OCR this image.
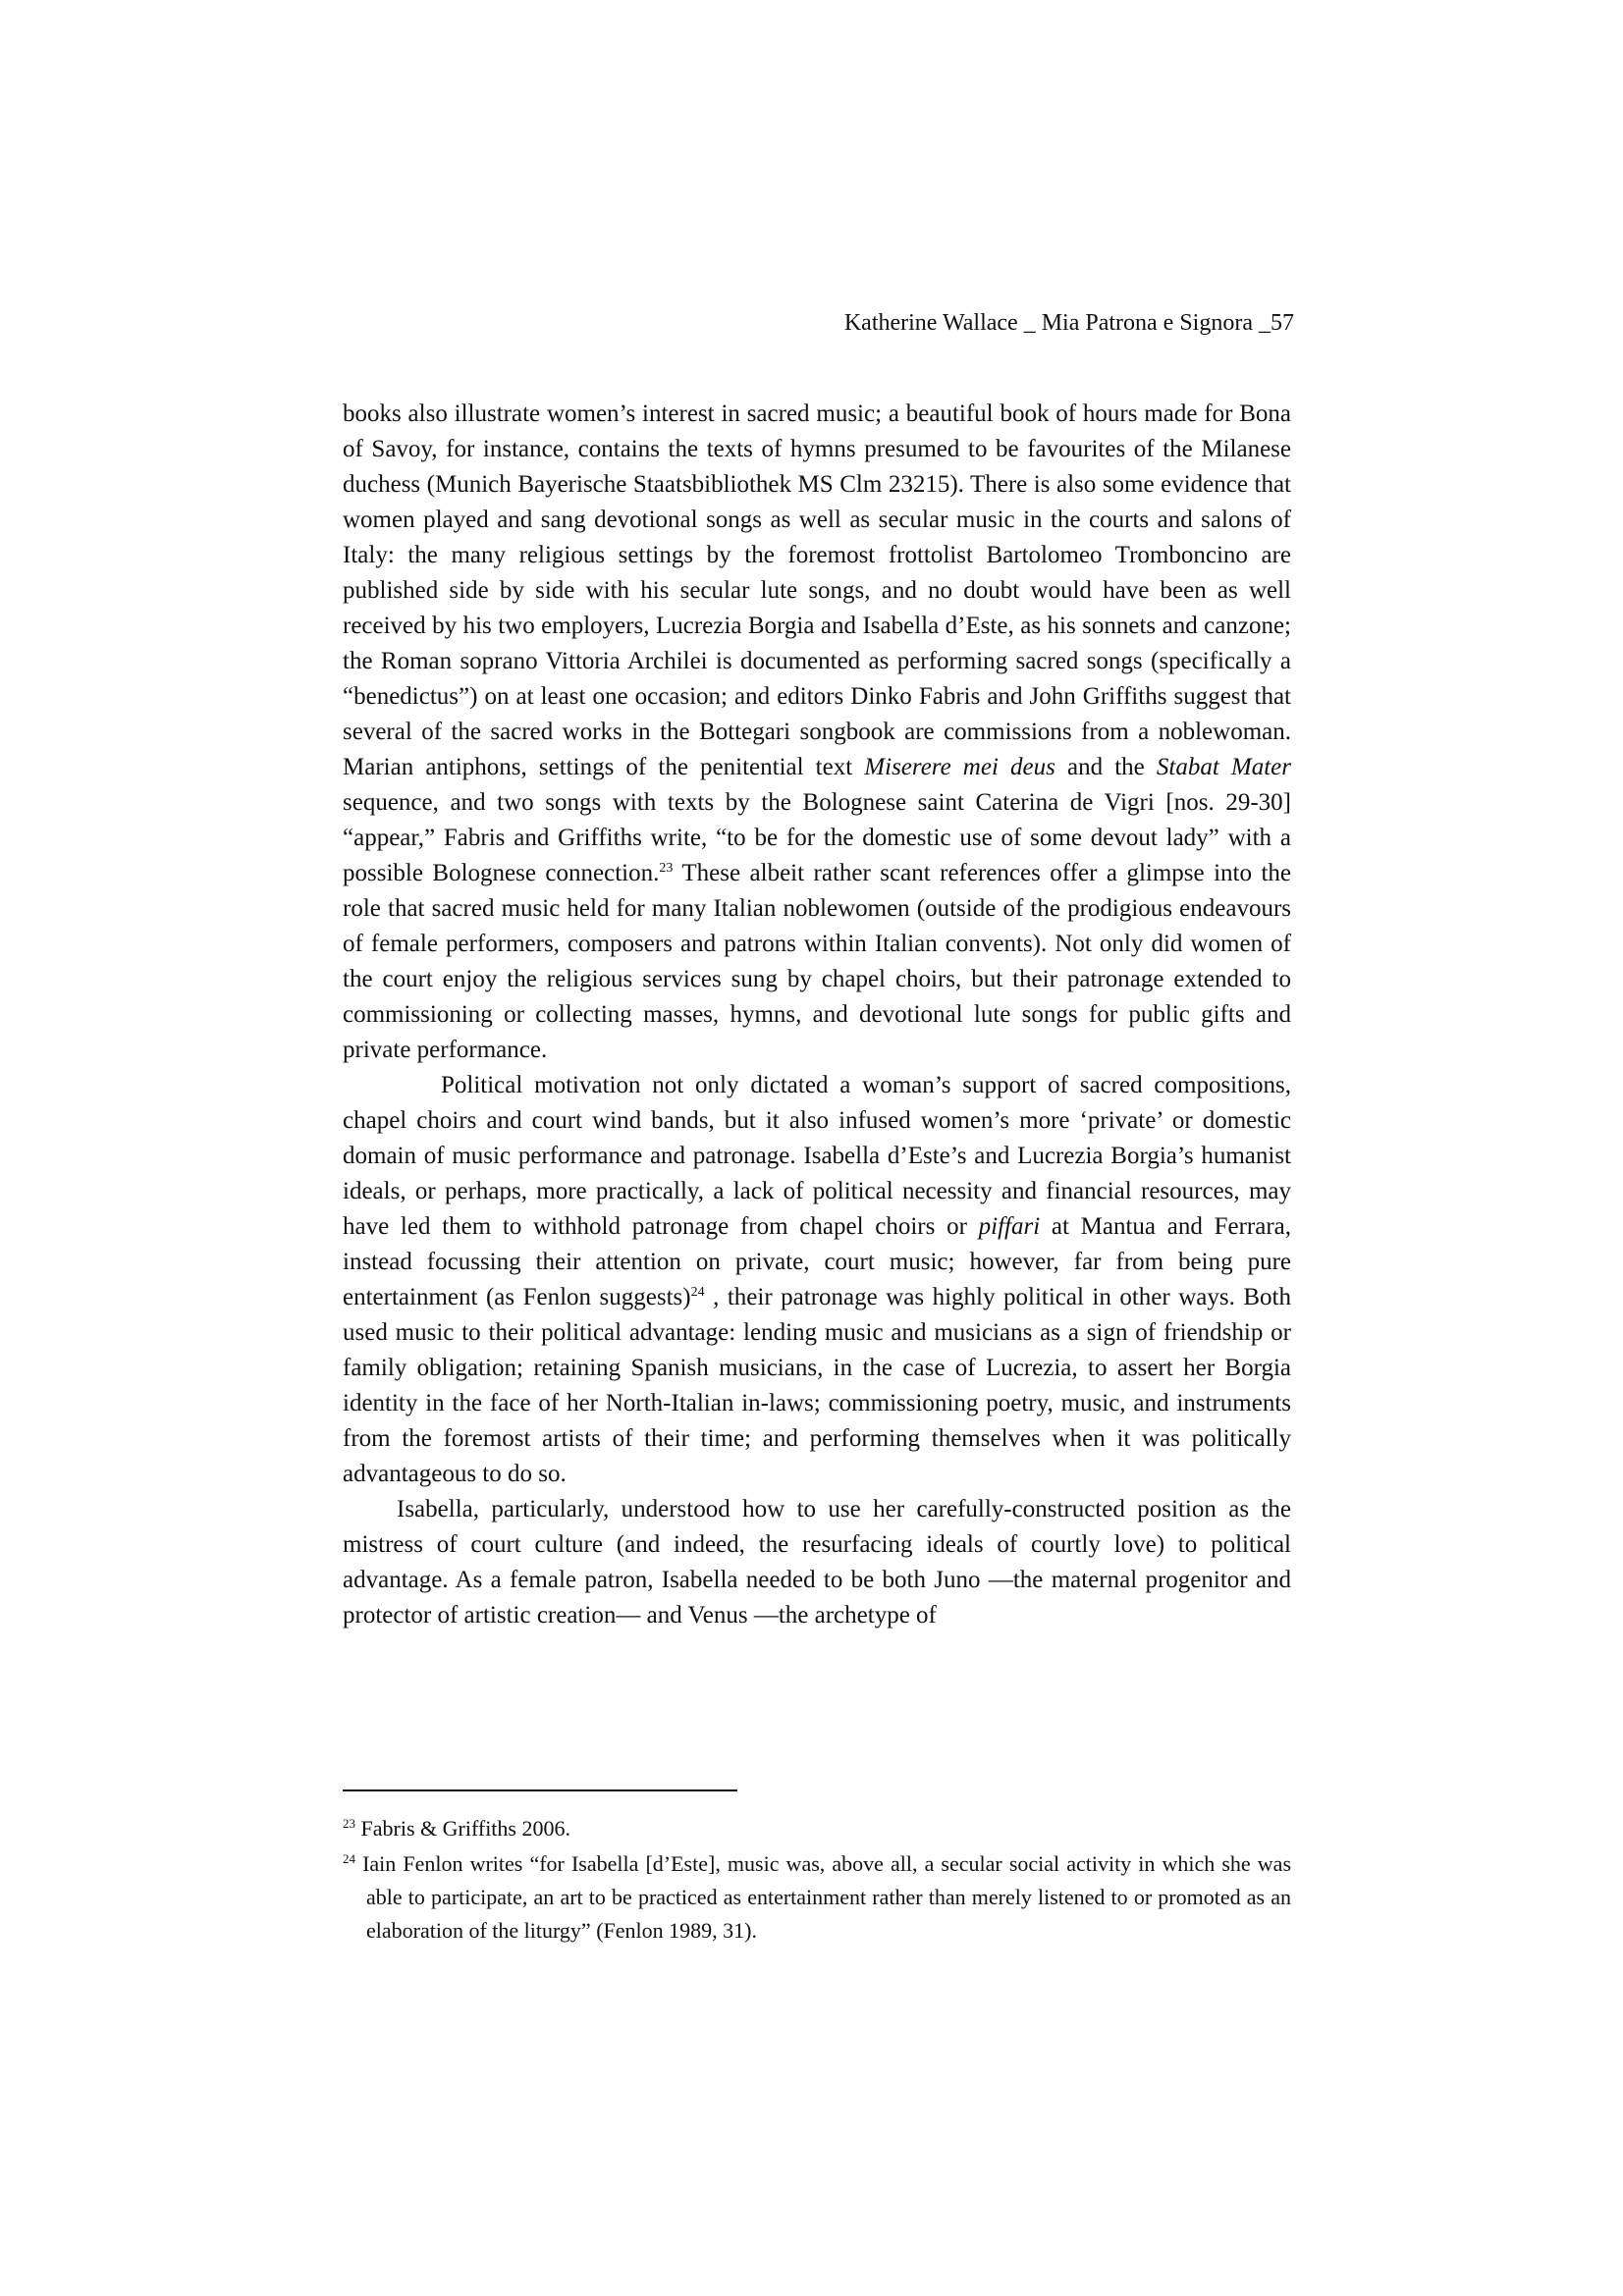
Katherine Wallace _ Mia Patrona e Signora _57

books also illustrate women’s interest in sacred music; a beautiful book of hours made for Bona of Savoy, for instance, contains the texts of hymns presumed to be favourites of the Milanese duchess (Munich Bayerische Staatsbibliothek MS Clm 23215). There is also some evidence that women played and sang devotional songs as well as secular music in the courts and salons of Italy: the many religious settings by the foremost frottolist Bartolomeo Tromboncino are published side by side with his secular lute songs, and no doubt would have been as well received by his two employers, Lucrezia Borgia and Isabella d’Este, as his sonnets and canzone; the Roman soprano Vittoria Archilei is documented as performing sacred songs (specifically a “benedictus”) on at least one occasion; and editors Dinko Fabris and John Griffiths suggest that several of the sacred works in the Bottegari songbook are commissions from a noblewoman. Marian antiphons, settings of the penitential text Miserere mei deus and the Stabat Mater sequence, and two songs with texts by the Bolognese saint Caterina de Vigri [nos. 29-30] “appear,” Fabris and Griffiths write, “to be for the domestic use of some devout lady” with a possible Bolognese connection.$^{23}$ These albeit rather scant references offer a glimpse into the role that sacred music held for many Italian noblewomen (outside of the prodigious endeavours of female performers, composers and patrons within Italian convents). Not only did women of the court enjoy the religious services sung by chapel choirs, but their patronage extended to commissioning or collecting masses, hymns, and devotional lute songs for public gifts and private performance.

Political motivation not only dictated a woman’s support of sacred compositions, chapel choirs and court wind bands, but it also infused women’s more ‘private’ or domestic domain of music performance and patronage. Isabella d’Este’s and Lucrezia Borgia’s humanist ideals, or perhaps, more practically, a lack of political necessity and financial resources, may have led them to withhold patronage from chapel choirs or piffari at Mantua and Ferrara, instead focussing their attention on private, court music; however, far from being pure entertainment (as Fenlon suggests)$^{24}$ , their patronage was highly political in other ways. Both used music to their political advantage: lending music and musicians as a sign of friendship or family obligation; retaining Spanish musicians, in the case of Lucrezia, to assert her Borgia identity in the face of her North-Italian in-laws; commissioning poetry, music, and instruments from the foremost artists of their time; and performing themselves when it was politically advantageous to do so.

Isabella, particularly, understood how to use her carefully-constructed position as the mistress of court culture (and indeed, the resurfacing ideals of courtly love) to political advantage. As a female patron, Isabella needed to be both Juno —the maternal progenitor and protector of artistic creation— and Venus —the archetype of

$^{23}$ Fabris & Griffiths 2006.

$^{24}$ Iain Fenlon writes “for Isabella [d’Este], music was, above all, a secular social activity in which she was able to participate, an art to be practiced as entertainment rather than merely listened to or promoted as an elaboration of the liturgy” (Fenlon 1989, 31).
